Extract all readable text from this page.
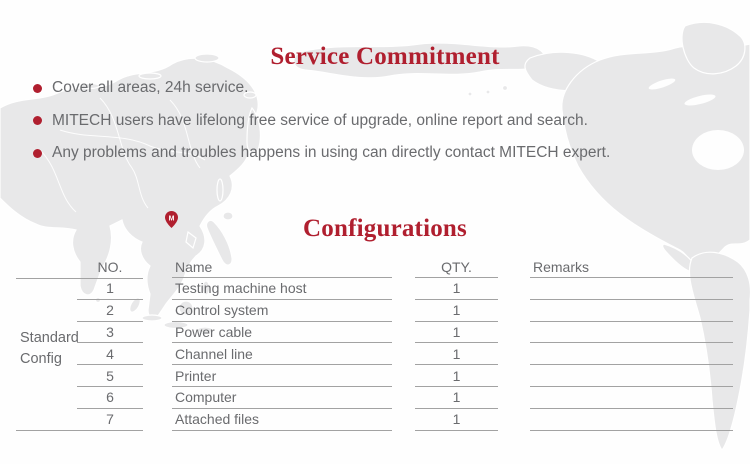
Service Commitment
Cover all areas, 24h service.
MITECH users have lifelong free service of upgrade, online report and search.
Any problems and troubles happens in using can directly contact MITECH expert.
Configurations
M
Standard
Config
NO.
1
2
3
4
5
6
7
Name
Testing machine host
Control system
Power cable
Channel line
Printer
Computer
Attached files
QTY.
1
1
1
1
1
1
1
Remarks
